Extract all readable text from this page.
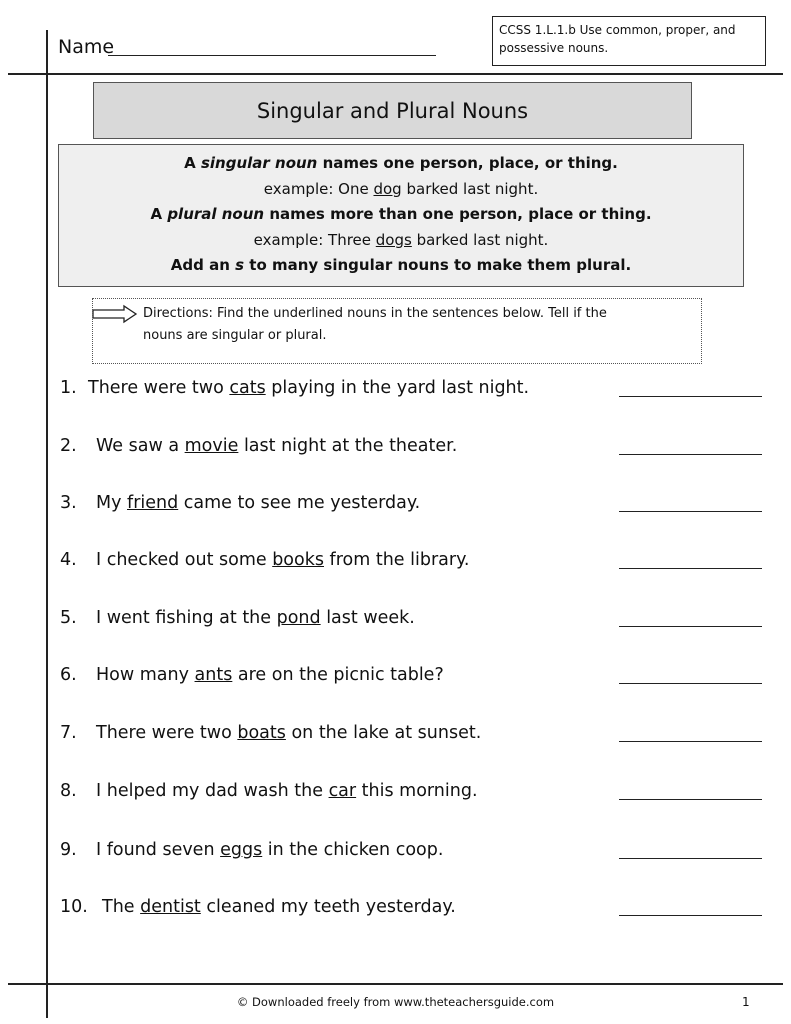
Name
CCSS 1.L.1.b Use common, proper, and
possessive nouns.
Singular and Plural Nouns
A singular noun names one person, place, or thing.
example: One dog barked last night.
A plural noun names more than one person, place or thing.
example: Three dogs barked last night.
Add an s to many singular nouns to make them plural.
Directions: Find the underlined nouns in the sentences below. Tell if the
nouns are singular or plural.
1. There were two cats playing in the yard last night.
2. We saw a movie last night at the theater.
3. My friend came to see me yesterday.
4. I checked out some books from the library.
5. I went fishing at the pond last week.
6. How many ants are on the picnic table?
7. There were two boats on the lake at sunset.
8. I helped my dad wash the car this morning.
9. I found seven eggs in the chicken coop.
10. The dentist cleaned my teeth yesterday.
© Downloaded freely from www.theteachersguide.com	1
